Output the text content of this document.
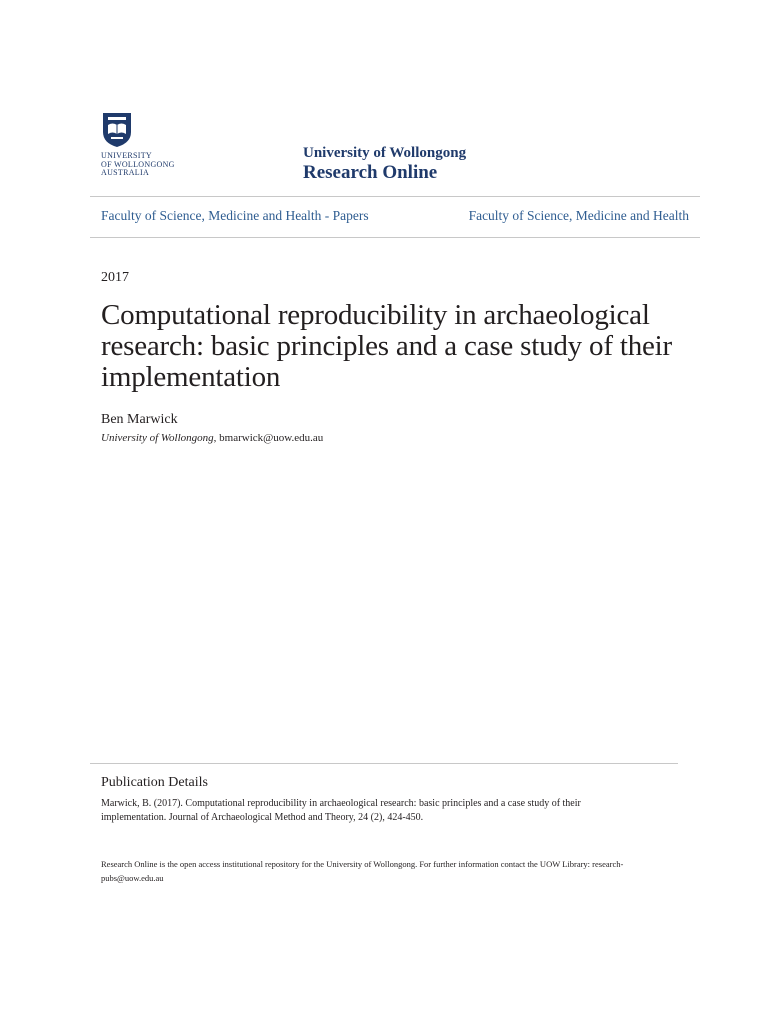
UNIVERSITY
OF WOLLONGONG
AUSTRALIA
University of Wollongong
Research Online
Faculty of Science, Medicine and Health - Papers	Faculty of Science, Medicine and Health
2017
Computational reproducibility in archaeological research: basic principles and a case study of their implementation
Ben Marwick
University of Wollongong, bmarwick@uow.edu.au
Publication Details
Marwick, B. (2017). Computational reproducibility in archaeological research: basic principles and a case study of their implementation. Journal of Archaeological Method and Theory, 24 (2), 424-450.
Research Online is the open access institutional repository for the University of Wollongong. For further information contact the UOW Library: research-pubs@uow.edu.au
